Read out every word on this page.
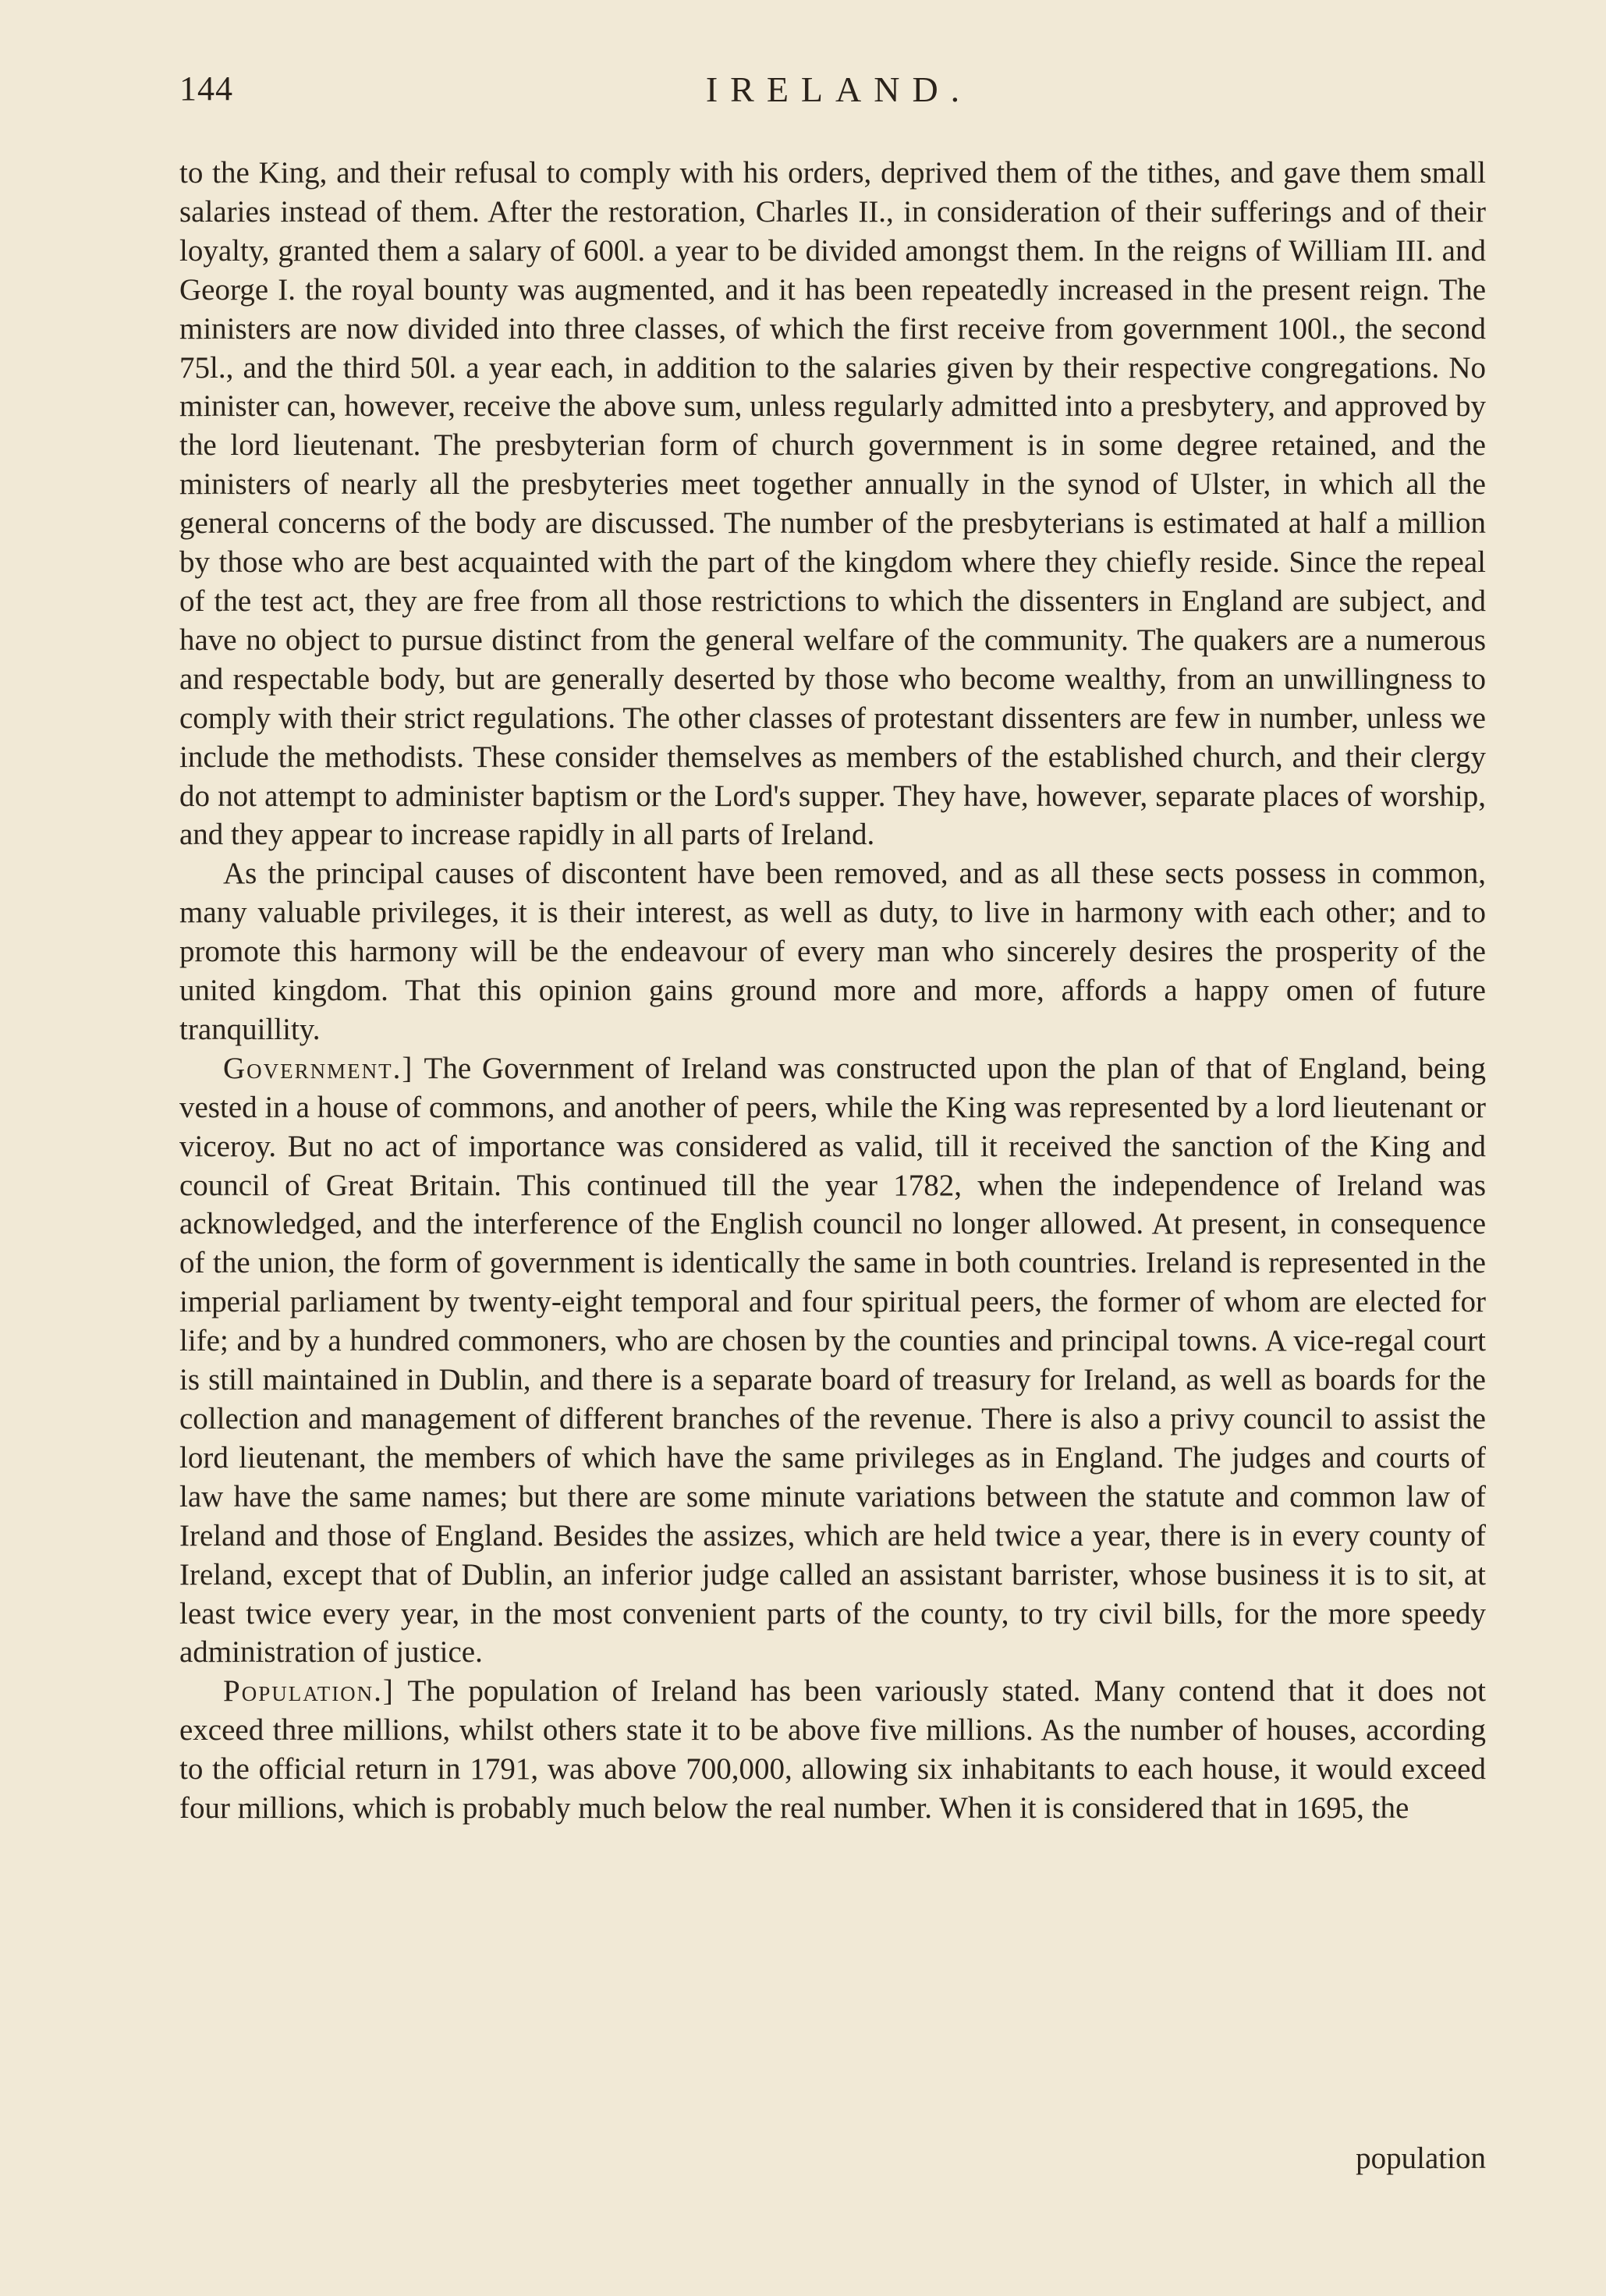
144	IRELAND.

to the King, and their refusal to comply with his orders, deprived them of the tithes, and gave them small salaries instead of them. After the restoration, Charles II., in consideration of their sufferings and of their loyalty, granted them a salary of 600l. a year to be divided amongst them. In the reigns of William III. and George I. the royal bounty was augmented, and it has been repeatedly increased in the present reign. The ministers are now divided into three classes, of which the first receive from government 100l., the second 75l., and the third 50l. a year each, in addition to the salaries given by their respective congregations. No minister can, however, receive the above sum, unless regularly admitted into a presbytery, and approved by the lord lieutenant. The presbyterian form of church government is in some degree retained, and the ministers of nearly all the presbyteries meet together annually in the synod of Ulster, in which all the general concerns of the body are discussed. The number of the presbyterians is estimated at half a million by those who are best acquainted with the part of the kingdom where they chiefly reside. Since the repeal of the test act, they are free from all those restrictions to which the dissenters in England are subject, and have no object to pursue distinct from the general welfare of the community. The quakers are a numerous and respectable body, but are generally deserted by those who become wealthy, from an unwillingness to comply with their strict regulations. The other classes of protestant dissenters are few in number, unless we include the methodists. These consider themselves as members of the established church, and their clergy do not attempt to administer baptism or the Lord's supper. They have, however, separate places of worship, and they appear to increase rapidly in all parts of Ireland.

As the principal causes of discontent have been removed, and as all these sects possess in common, many valuable privileges, it is their interest, as well as duty, to live in harmony with each other; and to promote this harmony will be the endeavour of every man who sincerely desires the prosperity of the united kingdom. That this opinion gains ground more and more, affords a happy omen of future tranquillity.

Government.] The Government of Ireland was constructed upon the plan of that of England, being vested in a house of commons, and another of peers, while the King was represented by a lord lieutenant or viceroy. But no act of importance was considered as valid, till it received the sanction of the King and council of Great Britain. This continued till the year 1782, when the independence of Ireland was acknowledged, and the interference of the English council no longer allowed. At present, in consequence of the union, the form of government is identically the same in both countries. Ireland is represented in the imperial parliament by twenty-eight temporal and four spiritual peers, the former of whom are elected for life; and by a hundred commoners, who are chosen by the counties and principal towns. A vice-regal court is still maintained in Dublin, and there is a separate board of treasury for Ireland, as well as boards for the collection and management of different branches of the revenue. There is also a privy council to assist the lord lieutenant, the members of which have the same privileges as in England. The judges and courts of law have the same names; but there are some minute variations between the statute and common law of Ireland and those of England. Besides the assizes, which are held twice a year, there is in every county of Ireland, except that of Dublin, an inferior judge called an assistant barrister, whose business it is to sit, at least twice every year, in the most convenient parts of the county, to try civil bills, for the more speedy administration of justice.

Population.] The population of Ireland has been variously stated. Many contend that it does not exceed three millions, whilst others state it to be above five millions. As the number of houses, according to the official return in 1791, was above 700,000, allowing six inhabitants to each house, it would exceed four millions, which is probably much below the real number. When it is considered that in 1695, the

population
